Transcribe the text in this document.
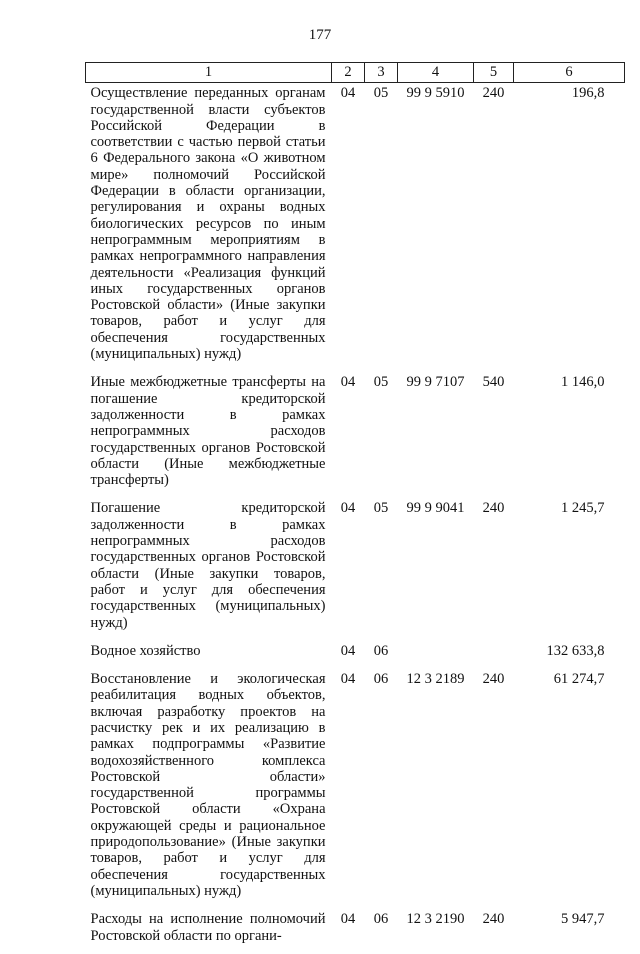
177
1	2	3	4	5	6
Осуществление переданных органам государственной власти субъектов Российской Федерации в соответствии с частью первой статьи 6 Федерального закона «О животном мире» полномочий Российской Федерации в области организации, регулирования и охраны водных биологических ресурсов по иным непрограммным мероприятиям в рамках непрограммного направления деятельности «Реализация функций иных государственных органов Ростовской области» (Иные закупки товаров, работ и услуг для обеспечения государственных (муниципальных) нужд)	04	05	99 9 5910	240	196,8
Иные межбюджетные трансферты на погашение кредиторской задолженности в рамках непрограммных расходов государственных органов Ростовской области (Иные межбюджетные трансферты)	04	05	99 9 7107	540	1 146,0
Погашение кредиторской задолженности в рамках непрограммных расходов государственных органов Ростовской области (Иные закупки товаров, работ и услуг для обеспечения государственных (муниципальных) нужд)	04	05	99 9 9041	240	1 245,7
Водное хозяйство	04	06			132 633,8
Восстановление и экологическая реабилитация водных объектов, включая разработку проектов на расчистку рек и их реализацию в рамках подпрограммы «Развитие водохозяйственного комплекса Ростовской области» государственной программы Ростовской области «Охрана окружающей среды и рациональное природопользование» (Иные закупки товаров, работ и услуг для обеспечения государственных (муниципальных) нужд)	04	06	12 3 2189	240	61 274,7
Расходы на исполнение полномочий Ростовской области по органи-	04	06	12 3 2190	240	5 947,7
